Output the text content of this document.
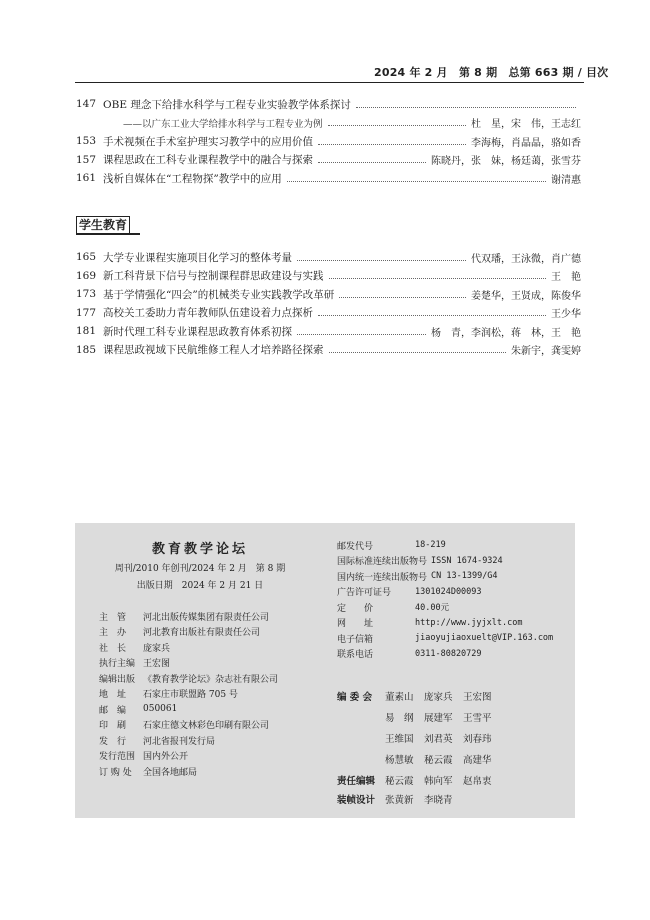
2024 年 2 月　第 8 期　总第 663 期 / 目次
147 OBE 理念下给排水科学与工程专业实验教学体系探讨
——以广东工业大学给排水科学与工程专业为例	杜　星，宋　伟，王志红
153 手术视频在手术室护理实习教学中的应用价值	李海梅，肖晶晶，骆如香
157 课程思政在工科专业课程教学中的融合与探索	陈晓丹，张　妹，杨廷蔼，张雪芬
161 浅析自媒体在“工程物探”教学中的应用	谢清惠
学生教育
165 大学专业课程实施项目化学习的整体考量	代双璠，王泳微，肖广德
169 新工科背景下信号与控制课程群思政建设与实践	王　艳
173 基于学情强化“四会”的机械类专业实践教学改革研	姜楚华，王贤成，陈俊华
177 高校关工委助力青年教师队伍建设着力点探析	王少华
181 新时代理工科专业课程思政教育体系初探	杨　青，李润松，蒋　林，王　艳
185 课程思政视域下民航维修工程人才培养路径探索	朱新宇，龚雯婷
教育教学论坛
周刊/2010 年创刊/2024 年 2 月　第 8 期
出版日期　2024 年 2 月 21 日
主　管	河北出版传媒集团有限责任公司
主　办	河北教育出版社有限责任公司
社　长	庞家兵
执行主编 王宏图
编辑出版 《教育教学论坛》杂志社有限公司
地　址	石家庄市联盟路 705 号
邮　编	050061
印　刷	石家庄德文林彩色印刷有限公司
发　行	河北省报刊发行局
发行范围 国内外公开
订 购 处	全国各地邮局
邮发代号	18-219
国际标准连续出版物号 ISSN 1674-9324
国内统一连续出版物号 CN 13-1399/G4
广告许可证号	1301024D00093
定　　价	40.00元
网　　址	http://www.jyjxlt.com
电子信箱	jiaoyujiaoxuelt@VIP.163.com
联系电话	0311-80820729
编 委 会 董素山	庞家兵	王宏图
易　纲	展建军	王雪平
王维国	刘君英	刘春玮
杨慧敏	秘云霞	高建华
责任编辑 秘云霞	韩向军	赵帛衷
装帧设计 张黄新	李晓青
